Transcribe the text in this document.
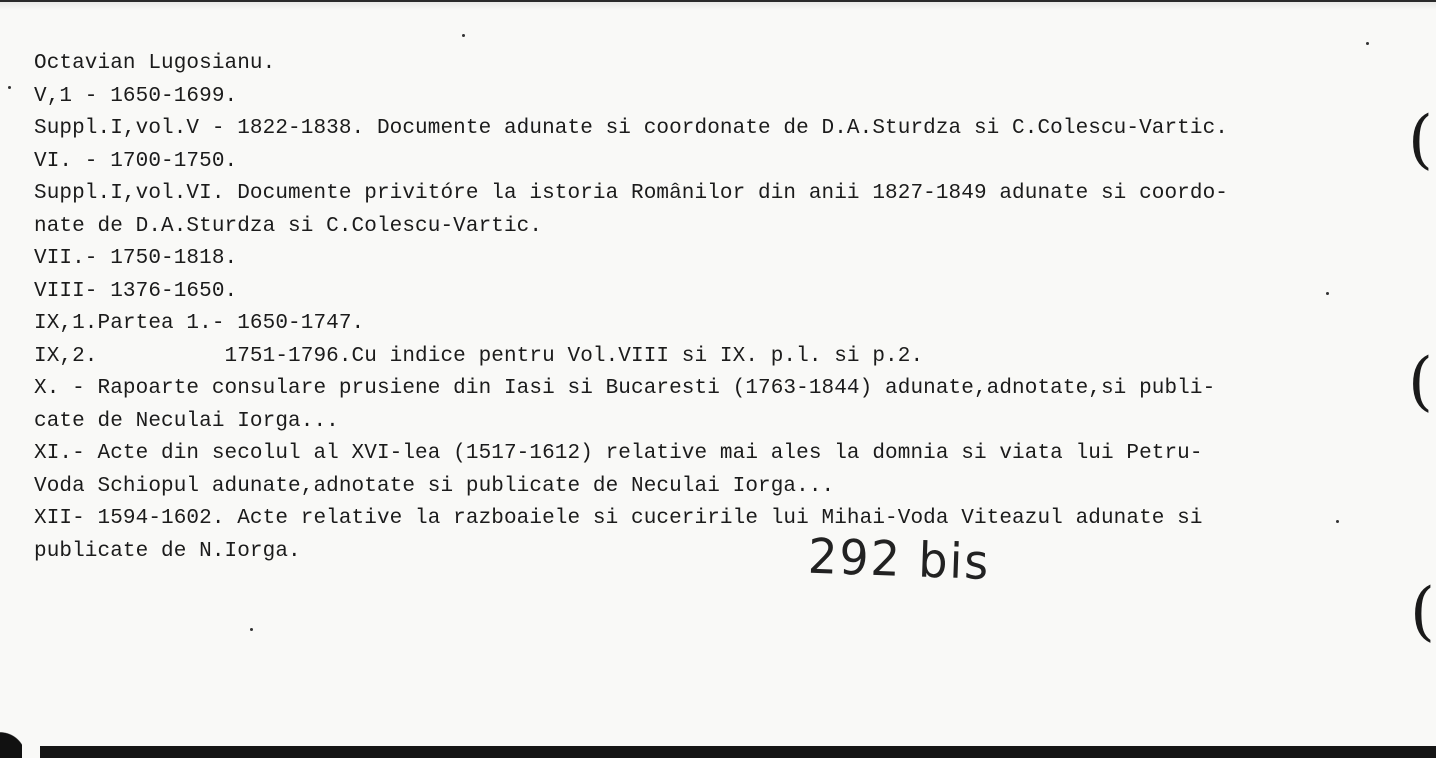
Octavian Lugosianu.
V,1 - 1650-1699.
Suppl.I,vol.V - 1822-1838. Documente adunate si coordonate de D.A.Sturdza si C.Colescu-Vartic.
VI. - 1700-1750.
Suppl.I,vol.VI. Documente privitóre la istoria Românilor din anii 1827-1849 adunate si coordo-
nate de D.A.Sturdza si C.Colescu-Vartic.
VII.- 1750-1818.
VIII- 1376-1650.
IX,1.Partea 1.- 1650-1747.
IX,2.          1751-1796.Cu indice pentru Vol.VIII si IX. p.l. si p.2.
X. - Rapoarte consulare prusiene din Iasi si Bucaresti (1763-1844) adunate,adnotate,si publi-
cate de Neculai Iorga...
XI.- Acte din secolul al XVI-lea (1517-1612) relative mai ales la domnia si viata lui Petru-
Voda Schiopul adunate,adnotate si publicate de Neculai Iorga...
XII- 1594-1602. Acte relative la razboaiele si cuceririle lui Mihai-Voda Viteazul adunate si
publicate de N.Iorga.	292 bis
(
(
(
